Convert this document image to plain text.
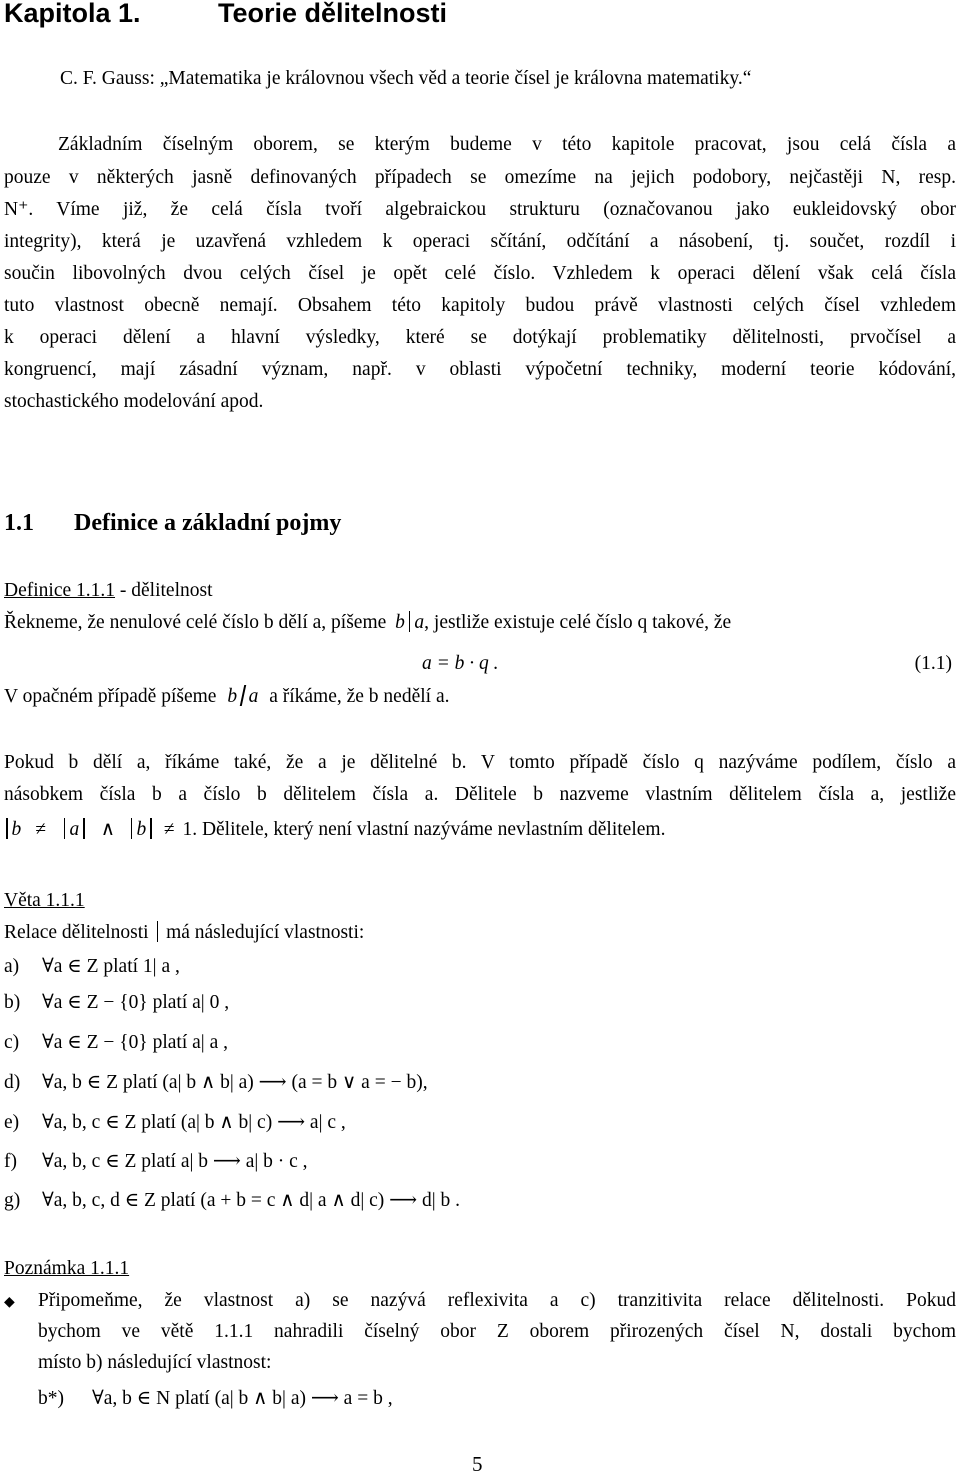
Kapitola 1.	Teorie dělitelnosti
C. F. Gauss: „Matematika je královnou všech věd a teorie čísel je královna matematiky.“
Základním číselným oborem, se kterým budeme v této kapitole pracovat, jsou celá čísla a
pouze v některých jasně definovaných případech se omezíme na jejich podobory, nejčastěji N, resp.
N⁺. Víme již, že celá čísla tvoří algebraickou strukturu (označovanou jako eukleidovský obor
integrity), která je uzavřená vzhledem k operaci sčítání, odčítání a násobení, tj. součet, rozdíl i
součin libovolných dvou celých čísel je opět celé číslo. Vzhledem k operaci dělení však celá čísla
tuto vlastnost obecně nemají. Obsahem této kapitoly budou právě vlastnosti celých čísel vzhledem
k operaci dělení a hlavní výsledky, které se dotýkají problematiky dělitelnosti, prvočísel a
kongruencí, mají zásadní význam, např. v oblasti výpočetní techniky, moderní teorie kódování,
stochastického modelování apod.
1.1 Definice a základní pojmy
Definice 1.1.1 - dělitelnost
Řekneme, že nenulové celé číslo b dělí a, píšeme b a, jestliže existuje celé číslo q takové, že
a = b · q .	(1.1)
V opačném případě píšeme b a a říkáme, že b nedělí a.
Pokud b dělí a, říkáme také, že a je dělitelné b. V tomto případě číslo q nazýváme podílem, číslo a
násobkem čísla b a číslo b dělitelem čísla a. Dělitele b nazveme vlastním dělitelem čísla a, jestliže
b ≠ a ∧ b ≠ 1. Dělitele, který není vlastní nazýváme nevlastním dělitelem.
Věta 1.1.1
Relace dělitelnosti má následující vlastnosti:
a) ∀a ∈ Z platí 1| a ,
b) ∀a ∈ Z − {0} platí a| 0 ,
c) ∀a ∈ Z − {0} platí a| a ,
d) ∀a, b ∈ Z platí (a| b ∧ b| a) ⟶ (a = b ∨ a = − b),
e) ∀a, b, c ∈ Z platí (a| b ∧ b| c) ⟶ a| c ,
f) ∀a, b, c ∈ Z platí a| b ⟶ a| b · c ,
g) ∀a, b, c, d ∈ Z platí (a + b = c ∧ d| a ∧ d| c) ⟶ d| b .
Poznámka 1.1.1
◆ Připomeňme, že vlastnost a) se nazývá reflexivita a c) tranzitivita relace dělitelnosti. Pokud
bychom ve větě 1.1.1 nahradili číselný obor Z oborem přirozených čísel N, dostali bychom
místo b) následující vlastnost:
b*) ∀a, b ∈ N platí (a| b ∧ b| a) ⟶ a = b ,
5
